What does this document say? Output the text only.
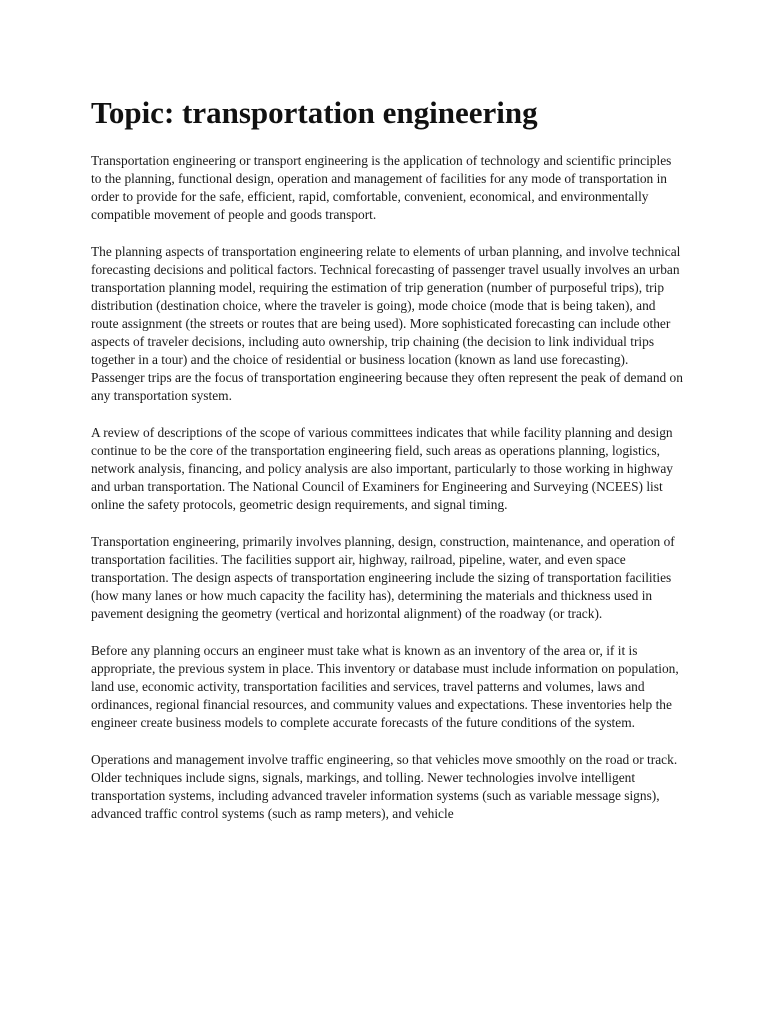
Topic: transportation engineering

Transportation engineering or transport engineering is the application of technology and scientific principles to the planning, functional design, operation and management of facilities for any mode of transportation in order to provide for the safe, efficient, rapid, comfortable, convenient, economical, and environmentally compatible movement of people and goods transport.

The planning aspects of transportation engineering relate to elements of urban planning, and involve technical forecasting decisions and political factors. Technical forecasting of passenger travel usually involves an urban transportation planning model, requiring the estimation of trip generation (number of purposeful trips), trip distribution (destination choice, where the traveler is going), mode choice (mode that is being taken), and route assignment (the streets or routes that are being used). More sophisticated forecasting can include other aspects of traveler decisions, including auto ownership, trip chaining (the decision to link individual trips together in a tour) and the choice of residential or business location (known as land use forecasting). Passenger trips are the focus of transportation engineering because they often represent the peak of demand on any transportation system.

A review of descriptions of the scope of various committees indicates that while facility planning and design continue to be the core of the transportation engineering field, such areas as operations planning, logistics, network analysis, financing, and policy analysis are also important, particularly to those working in highway and urban transportation. The National Council of Examiners for Engineering and Surveying (NCEES) list online the safety protocols, geometric design requirements, and signal timing.

Transportation engineering, primarily involves planning, design, construction, maintenance, and operation of transportation facilities. The facilities support air, highway, railroad, pipeline, water, and even space transportation. The design aspects of transportation engineering include the sizing of transportation facilities (how many lanes or how much capacity the facility has), determining the materials and thickness used in pavement designing the geometry (vertical and horizontal alignment) of the roadway (or track).

Before any planning occurs an engineer must take what is known as an inventory of the area or, if it is appropriate, the previous system in place. This inventory or database must include information on population, land use, economic activity, transportation facilities and services, travel patterns and volumes, laws and ordinances, regional financial resources, and community values and expectations. These inventories help the engineer create business models to complete accurate forecasts of the future conditions of the system.

Operations and management involve traffic engineering, so that vehicles move smoothly on the road or track. Older techniques include signs, signals, markings, and tolling. Newer technologies involve intelligent transportation systems, including advanced traveler information systems (such as variable message signs), advanced traffic control systems (such as ramp meters), and vehicle
